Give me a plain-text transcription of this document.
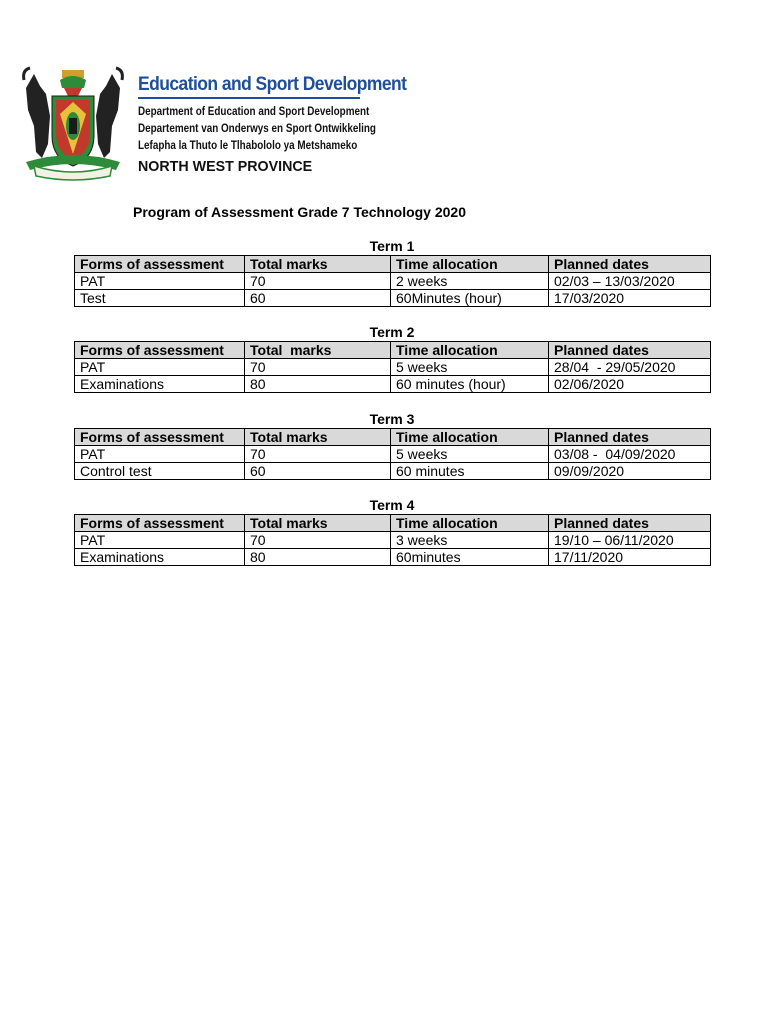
Education and Sport Development
Department of Education and Sport Development
Departement van Onderwys en Sport Ontwikkeling
Lefapha la Thuto le Tlhabololo ya Metshameko
NORTH WEST PROVINCE
Program of Assessment Grade 7 Technology 2020
Term 1
Forms of assessment	Total marks	Time allocation	Planned dates
PAT	70	2 weeks	02/03 – 13/03/2020
Test	60	60Minutes (hour)	17/03/2020
Term 2
Forms of assessment	Total  marks	Time allocation	Planned dates
PAT	70	5 weeks	28/04  - 29/05/2020
Examinations	80	60 minutes (hour)	02/06/2020
Term 3
Forms of assessment	Total marks	Time allocation	Planned dates
PAT	70	5 weeks	03/08 -  04/09/2020
Control test	60	60 minutes	09/09/2020
Term 4
Forms of assessment	Total marks	Time allocation	Planned dates
PAT	70	3 weeks	19/10 – 06/11/2020
Examinations	80	60minutes	17/11/2020
